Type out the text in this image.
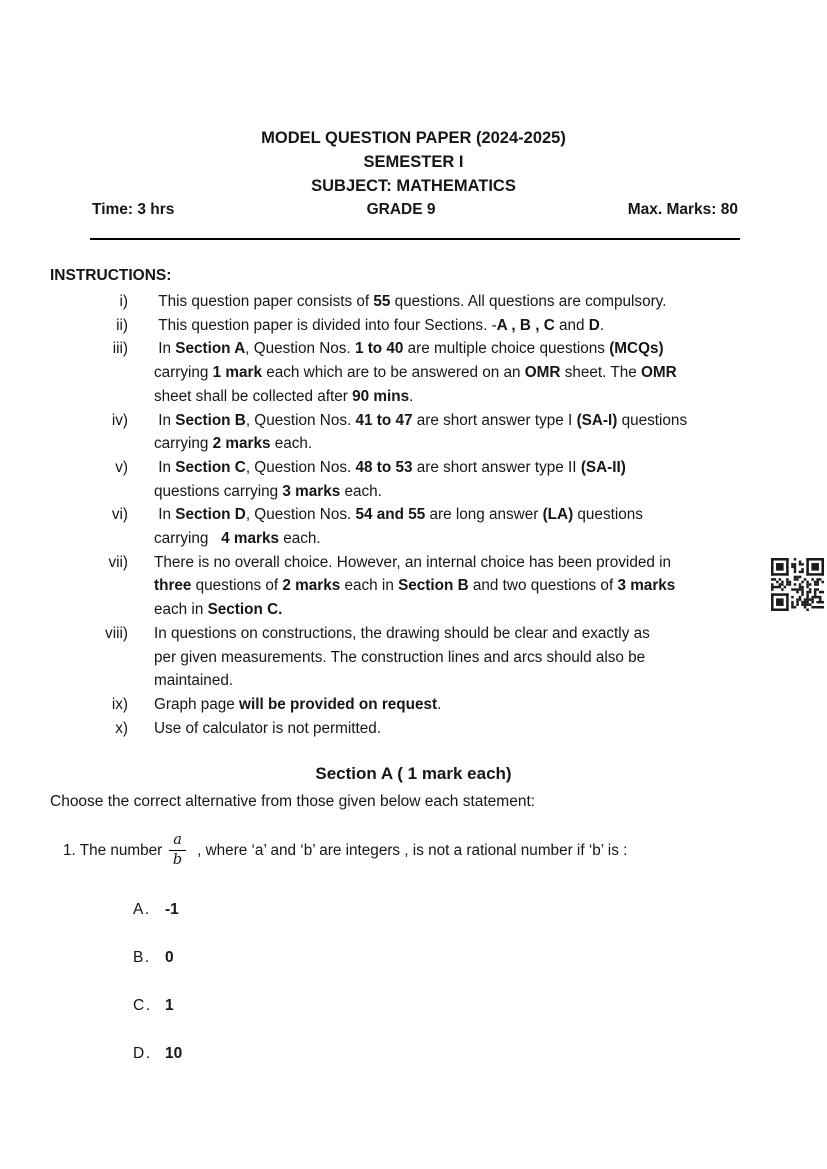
MODEL QUESTION PAPER (2024-2025)
SEMESTER I
SUBJECT: MATHEMATICS
Time: 3 hrs	GRADE 9	Max. Marks: 80
INSTRUCTIONS:
i) This question paper consists of 55 questions. All questions are compulsory.
ii) This question paper is divided into four Sections. -A , B , C and D.
iii) In Section A, Question Nos. 1 to 40 are multiple choice questions (MCQs)
carrying 1 mark each which are to be answered on an OMR sheet. The OMR
sheet shall be collected after 90 mins.
iv) In Section B, Question Nos. 41 to 47 are short answer type I (SA-I) questions
carrying 2 marks each.
v) In Section C, Question Nos. 48 to 53 are short answer type II (SA-II)
questions carrying 3 marks each.
vi) In Section D, Question Nos. 54 and 55 are long answer (LA) questions
carrying   4 marks each.
vii) There is no overall choice. However, an internal choice has been provided in
three questions of 2 marks each in Section B and two questions of 3 marks
each in Section C.
viii) In questions on constructions, the drawing should be clear and exactly as
per given measurements. The construction lines and arcs should also be
maintained.
ix) Graph page will be provided on request.
x) Use of calculator is not permitted.
Section A ( 1 mark each)
Choose the correct alternative from those given below each statement:
1. The number $\frac{a}{b}$ , where ‘a’ and ‘b’ are integers , is not a rational number if ‘b’ is :
A. -1
B. 0
C. 1
D. 10
